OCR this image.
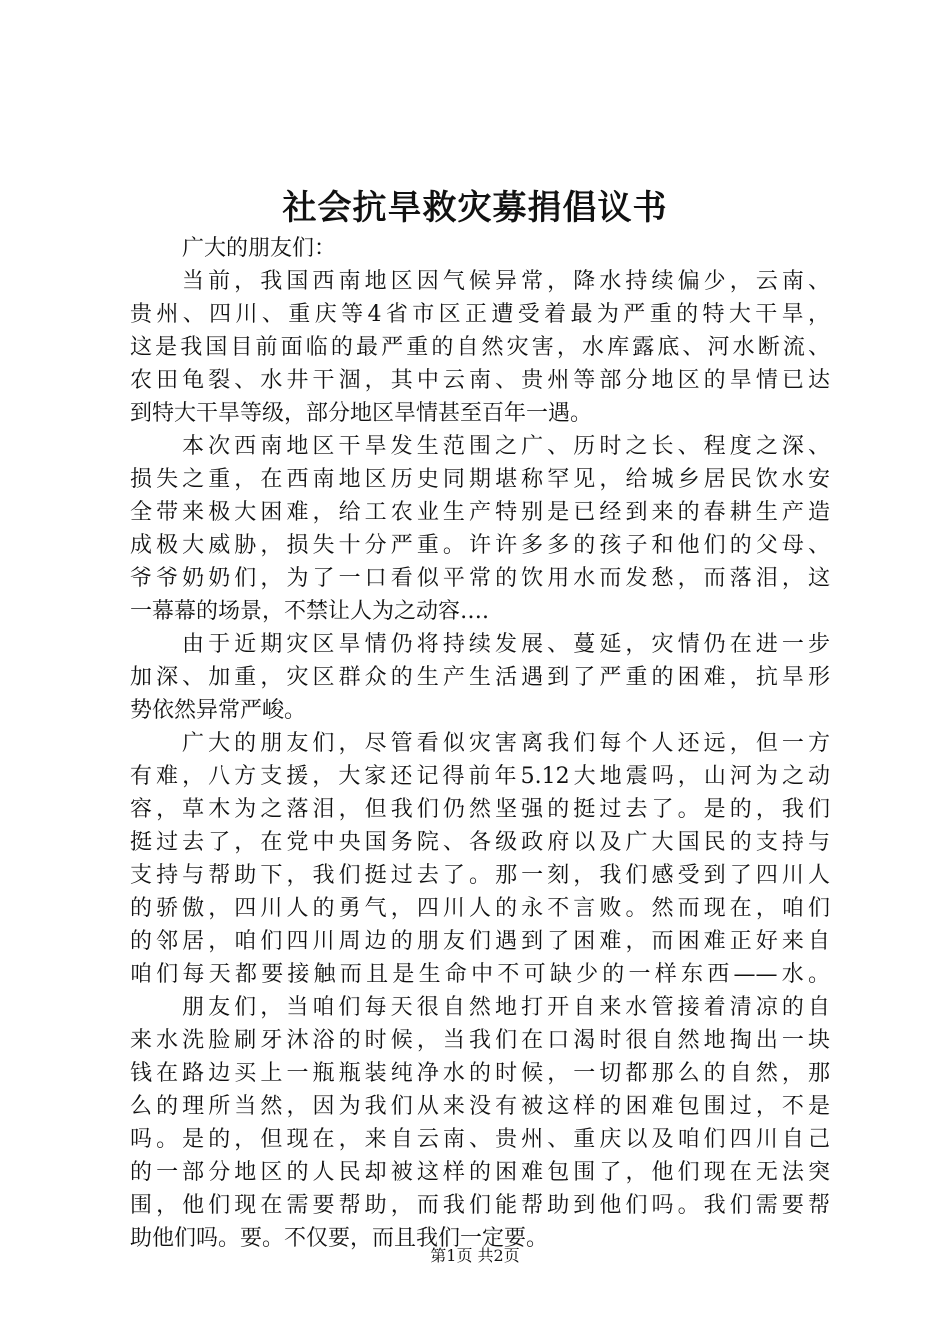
社会抗旱救灾募捐倡议书
广大的朋友们：
当前，我国西南地区因气候异常，降水持续偏少，云南、
贵州、四川、重庆等4省市区正遭受着最为严重的特大干旱，
这是我国目前面临的最严重的自然灾害，水库露底、河水断流、
农田龟裂、水井干涸，其中云南、贵州等部分地区的旱情已达
到特大干旱等级，部分地区旱情甚至百年一遇。
本次西南地区干旱发生范围之广、历时之长、程度之深、
损失之重，在西南地区历史同期堪称罕见，给城乡居民饮水安
全带来极大困难，给工农业生产特别是已经到来的春耕生产造
成极大威胁，损失十分严重。许许多多的孩子和他们的父母、
爷爷奶奶们，为了一口看似平常的饮用水而发愁，而落泪，这
一幕幕的场景，不禁让人为之动容….
由于近期灾区旱情仍将持续发展、蔓延，灾情仍在进一步
加深、加重，灾区群众的生产生活遇到了严重的困难，抗旱形
势依然异常严峻。
广大的朋友们，尽管看似灾害离我们每个人还远，但一方
有难，八方支援，大家还记得前年5.12大地震吗，山河为之动
容，草木为之落泪，但我们仍然坚强的挺过去了。是的，我们
挺过去了，在党中央国务院、各级政府以及广大国民的支持与
支持与帮助下，我们挺过去了。那一刻，我们感受到了四川人
的骄傲，四川人的勇气，四川人的永不言败。然而现在，咱们
的邻居，咱们四川周边的朋友们遇到了困难，而困难正好来自
咱们每天都要接触而且是生命中不可缺少的一样东西——水。
朋友们，当咱们每天很自然地打开自来水管接着清凉的自
来水洗脸刷牙沐浴的时候，当我们在口渴时很自然地掏出一块
钱在路边买上一瓶瓶装纯净水的时候，一切都那么的自然，那
么的理所当然，因为我们从来没有被这样的困难包围过，不是
吗。是的，但现在，来自云南、贵州、重庆以及咱们四川自己
的一部分地区的人民却被这样的困难包围了，他们现在无法突
围，他们现在需要帮助，而我们能帮助到他们吗。我们需要帮
助他们吗。要。不仅要，而且我们一定要。
第1页 共2页
